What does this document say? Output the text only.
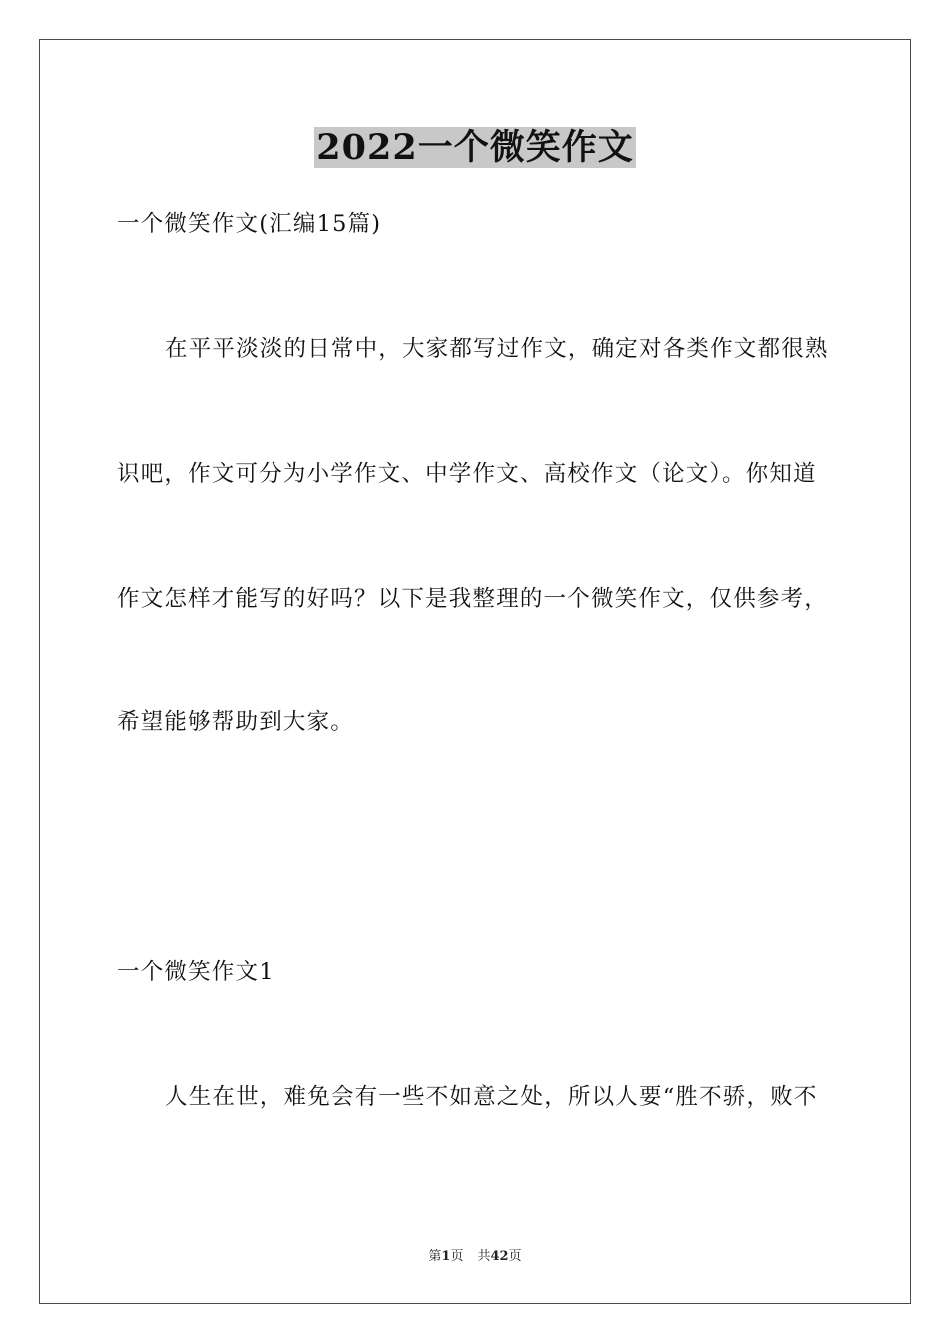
2022一个微笑作文
一个微笑作文(汇编15篇)
在平平淡淡的日常中，大家都写过作文，确定对各类作文都很熟
识吧，作文可分为小学作文、中学作文、高校作文（论文）。你知道
作文怎样才能写的好吗？以下是我整理的一个微笑作文，仅供参考，
希望能够帮助到大家。
一个微笑作文1
人生在世，难免会有一些不如意之处，所以人要“胜不骄，败不
第1页 共42页
